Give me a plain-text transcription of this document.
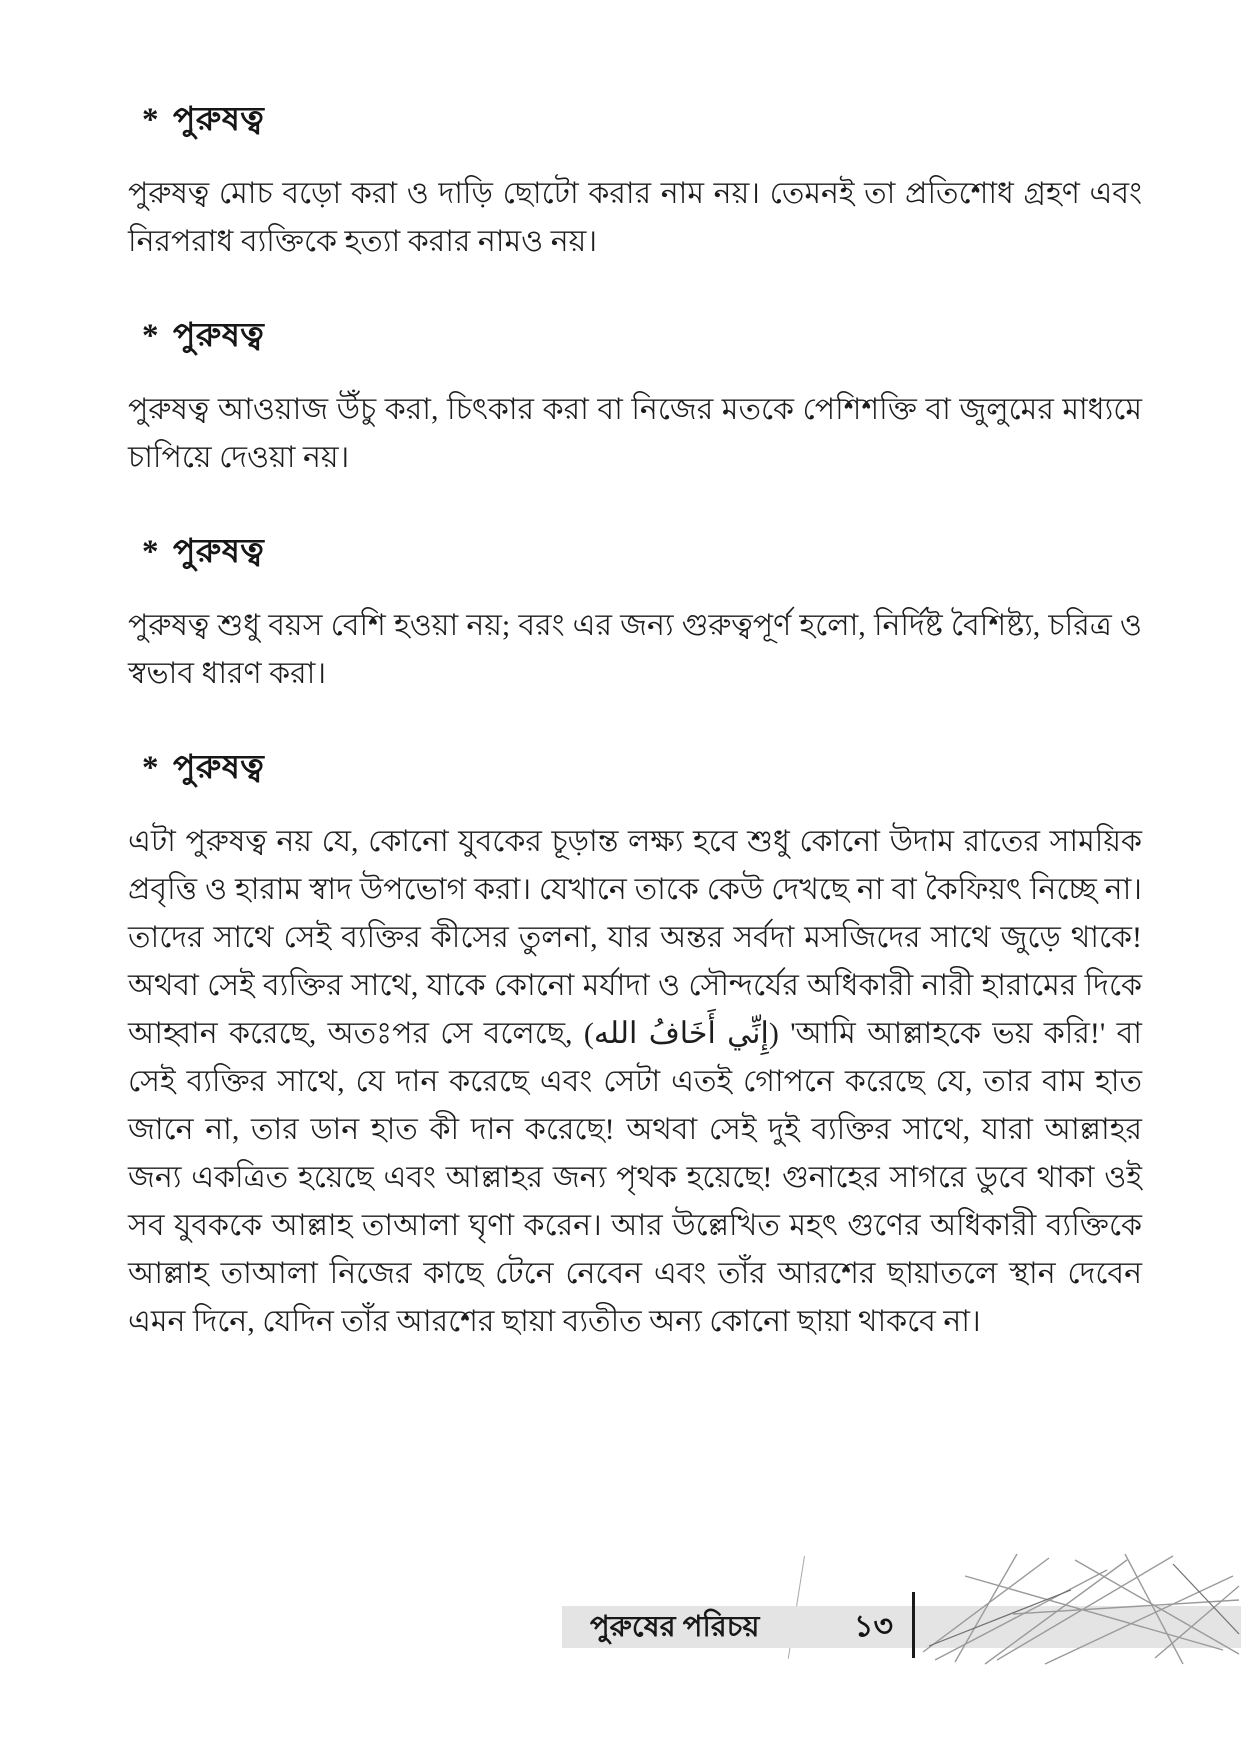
* পুরুষত্ব

পুরুষত্ব মোচ বড়ো করা ও দাড়ি ছোটো করার নাম নয়। তেমনই তা প্রতিশোধ গ্রহণ এবং নিরপরাধ ব্যক্তিকে হত্যা করার নামও নয়।

* পুরুষত্ব

পুরুষত্ব আওয়াজ উঁচু করা, চিৎকার করা বা নিজের মতকে পেশিশক্তি বা জুলুমের মাধ্যমে চাপিয়ে দেওয়া নয়।

* পুরুষত্ব

পুরুষত্ব শুধু বয়স বেশি হওয়া নয়; বরং এর জন্য গুরুত্বপূর্ণ হলো, নির্দিষ্ট বৈশিষ্ট্য, চরিত্র ও স্বভাব ধারণ করা।

* পুরুষত্ব

এটা পুরুষত্ব নয় যে, কোনো যুবকের চূড়ান্ত লক্ষ্য হবে শুধু কোনো উদাম রাতের সাময়িক প্রবৃত্তি ও হারাম স্বাদ উপভোগ করা। যেখানে তাকে কেউ দেখছে না বা কৈফিয়ৎ নিচ্ছে না। তাদের সাথে সেই ব্যক্তির কীসের তুলনা, যার অন্তর সর্বদা মসজিদের সাথে জুড়ে থাকে! অথবা সেই ব্যক্তির সাথে, যাকে কোনো মর্যাদা ও সৌন্দর্যের অধিকারী নারী হারামের দিকে আহ্বান করেছে, অতঃপর সে বলেছে, (إِنِّي أَخَافُ الله) 'আমি আল্লাহকে ভয় করি!' বা সেই ব্যক্তির সাথে, যে দান করেছে এবং সেটা এতই গোপনে করেছে যে, তার বাম হাত জানে না, তার ডান হাত কী দান করেছে! অথবা সেই দুই ব্যক্তির সাথে, যারা আল্লাহর জন্য একত্রিত হয়েছে এবং আল্লাহর জন্য পৃথক হয়েছে! গুনাহের সাগরে ডুবে থাকা ওই সব যুবককে আল্লাহ তাআলা ঘৃণা করেন। আর উল্লেখিত মহৎ গুণের অধিকারী ব্যক্তিকে আল্লাহ তাআলা নিজের কাছে টেনে নেবেন এবং তাঁর আরশের ছায়াতলে স্থান দেবেন এমন দিনে, যেদিন তাঁর আরশের ছায়া ব্যতীত অন্য কোনো ছায়া থাকবে না।

পুরুষের পরিচয়	১৩
